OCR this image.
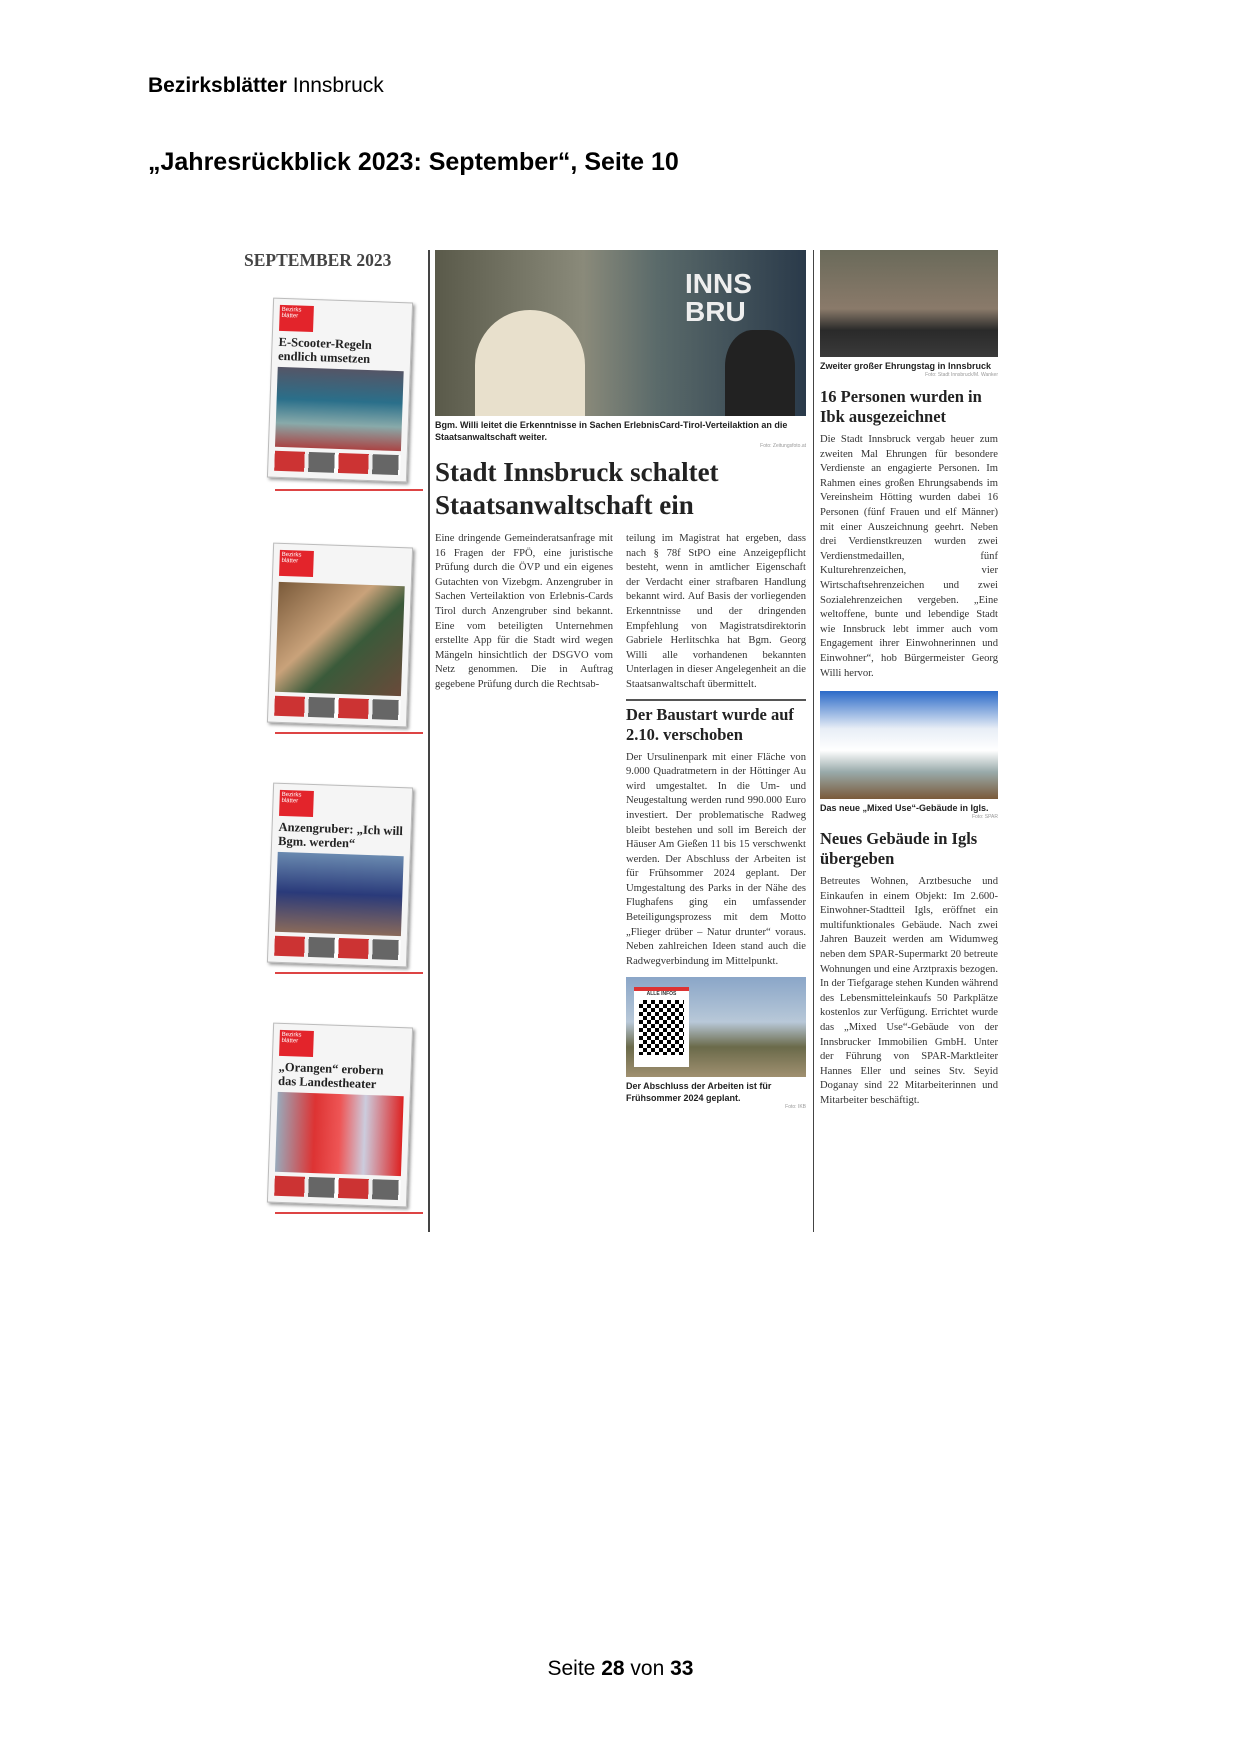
Bezirksblätter Innsbruck
„Jahresrückblick 2023: September“, Seite 10
SEPTEMBER 2023
Bezirks blätter
E-Scooter-Regeln endlich umsetzen
Bezirks blätter
Bezirks blätter
Anzengruber: „Ich will Bgm. werden“
Bezirks blätter
„Orangen“ erobern das Landestheater
INNS BRU
Bgm. Willi leitet die Erkenntnisse in Sachen ErlebnisCard-Tirol-Verteilaktion an die Staatsanwaltschaft weiter.
Foto: Zeitungsfoto.at
Stadt Innsbruck schaltet Staatsanwaltschaft ein
Eine dringende Gemeinderatsanfrage mit 16 Fragen der FPÖ, eine juristische Prüfung durch die ÖVP und ein eigenes Gutachten von Vizebgm. Anzengruber in Sachen Verteilaktion von Erlebnis-Cards Tirol durch Anzengruber sind bekannt. Eine vom beteiligten Unternehmen erstellte App für die Stadt wird wegen Mängeln hinsichtlich der DSGVO vom Netz genommen. Die in Auftrag gegebene Prüfung durch die Rechtsab-
teilung im Magistrat hat ergeben, dass nach § 78f StPO eine Anzeigepflicht besteht, wenn in amtlicher Eigenschaft der Verdacht einer strafbaren Handlung bekannt wird. Auf Basis der vorliegenden Erkenntnisse und der dringenden Empfehlung von Magistratsdirektorin Gabriele Herlitschka hat Bgm. Georg Willi alle vorhandenen bekannten Unterlagen in dieser Angelegenheit an die Staatsanwaltschaft übermittelt.
Der Baustart wurde auf 2.10. verschoben
Der Ursulinenpark mit einer Fläche von 9.000 Quadratmetern in der Höttinger Au wird umgestaltet. In die Um- und Neugestaltung werden rund 990.000 Euro investiert. Der problematische Radweg bleibt bestehen und soll im Bereich der Häuser Am Gießen 11 bis 15 verschwenkt werden. Der Abschluss der Arbeiten ist für Frühsommer 2024 geplant. Der Umgestaltung des Parks in der Nähe des Flughafens ging ein umfassender Beteiligungsprozess mit dem Motto „Flieger drüber – Natur drunter“ voraus. Neben zahlreichen Ideen stand auch die Radwegverbindung im Mittelpunkt.
ALLE INFOS
Der Abschluss der Arbeiten ist für Frühsommer 2024 geplant.
Foto: IKB
Zweiter großer Ehrungstag in Innsbruck
Foto: Stadt Innsbruck/M. Wanker
16 Personen wurden in Ibk ausgezeichnet
Die Stadt Innsbruck vergab heuer zum zweiten Mal Ehrungen für besondere Verdienste an engagierte Personen. Im Rahmen eines großen Ehrungsabends im Vereinsheim Hötting wurden dabei 16 Personen (fünf Frauen und elf Männer) mit einer Auszeichnung geehrt. Neben drei Verdienstkreuzen wurden zwei Verdienstmedaillen, fünf Kulturehrenzeichen, vier Wirtschaftsehrenzeichen und zwei Sozialehrenzeichen vergeben. „Eine weltoffene, bunte und lebendige Stadt wie Innsbruck lebt immer auch vom Engagement ihrer Einwohnerinnen und Einwohner“, hob Bürgermeister Georg Willi hervor.
Das neue „Mixed Use“-Gebäude in Igls.
Foto: SPAR
Neues Gebäude in Igls übergeben
Betreutes Wohnen, Arztbesuche und Einkaufen in einem Objekt: Im 2.600-Einwohner-Stadtteil Igls, eröffnet ein multifunktionales Gebäude. Nach zwei Jahren Bauzeit werden am Widumweg neben dem SPAR-Supermarkt 20 betreute Wohnungen und eine Arztpraxis bezogen. In der Tiefgarage stehen Kunden während des Lebensmitteleinkaufs 50 Parkplätze kostenlos zur Verfügung. Errichtet wurde das „Mixed Use“-Gebäude von der Innsbrucker Immobilien GmbH. Unter der Führung von SPAR-Marktleiter Hannes Eller und seines Stv. Seyid Doganay sind 22 Mitarbeiterinnen und Mitarbeiter beschäftigt.
Seite 28 von 33
